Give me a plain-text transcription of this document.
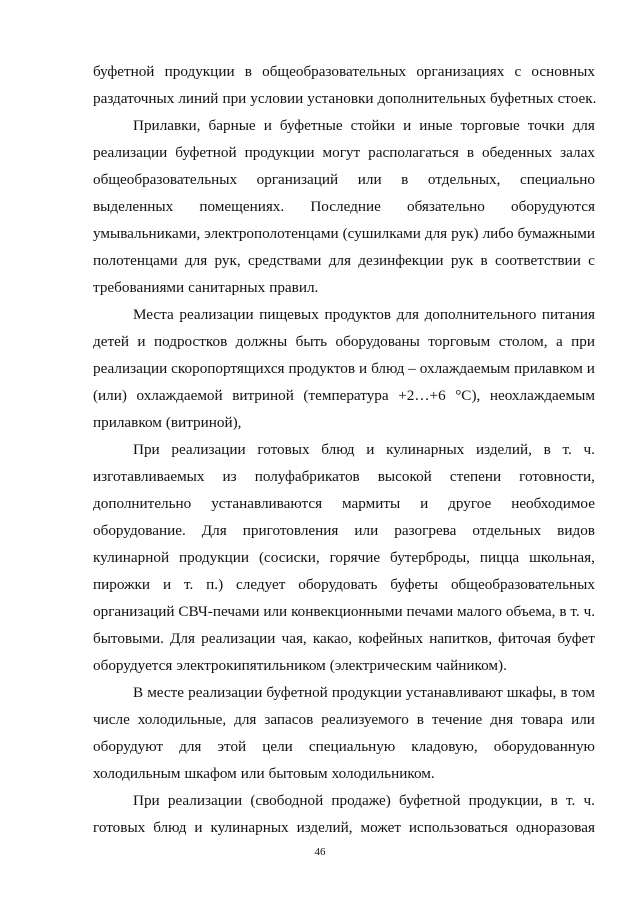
буфетной продукции в общеобразовательных организациях с основных
раздаточных линий при условии установки дополнительных буфетных стоек.
Прилавки, барные и буфетные стойки и иные торговые точки для
реализации буфетной продукции могут располагаться в обеденных залах
общеобразовательных организаций или в отдельных, специально
выделенных помещениях. Последние обязательно оборудуются
умывальниками, электрополотенцами (сушилками для рук) либо бумажными
полотенцами для рук, средствами для дезинфекции рук в соответствии с
требованиями санитарных правил.
Места реализации пищевых продуктов для дополнительного питания
детей и подростков должны быть оборудованы торговым столом, а при
реализации скоропортящихся продуктов и блюд – охлаждаемым прилавком и
(или) охлаждаемой витриной (температура +2…+6 °С), неохлаждаемым
прилавком (витриной),
При реализации готовых блюд и кулинарных изделий, в т. ч.
изготавливаемых из полуфабрикатов высокой степени готовности,
дополнительно устанавливаются мармиты и другое необходимое
оборудование. Для приготовления или разогрева отдельных видов
кулинарной продукции (сосиски, горячие бутерброды, пицца школьная,
пирожки и т. п.) следует оборудовать буфеты общеобразовательных
организаций СВЧ-печами или конвекционными печами малого объема, в т. ч.
бытовыми. Для реализации чая, какао, кофейных напитков, фиточая буфет
оборудуется электрокипятильником (электрическим чайником).
В месте реализации буфетной продукции устанавливают шкафы, в том
числе холодильные, для запасов реализуемого в течение дня товара или
оборудуют для этой цели специальную кладовую, оборудованную
холодильным шкафом или бытовым холодильником.
При реализации (свободной продаже) буфетной продукции, в т. ч.
готовых блюд и кулинарных изделий, может использоваться одноразовая
46
